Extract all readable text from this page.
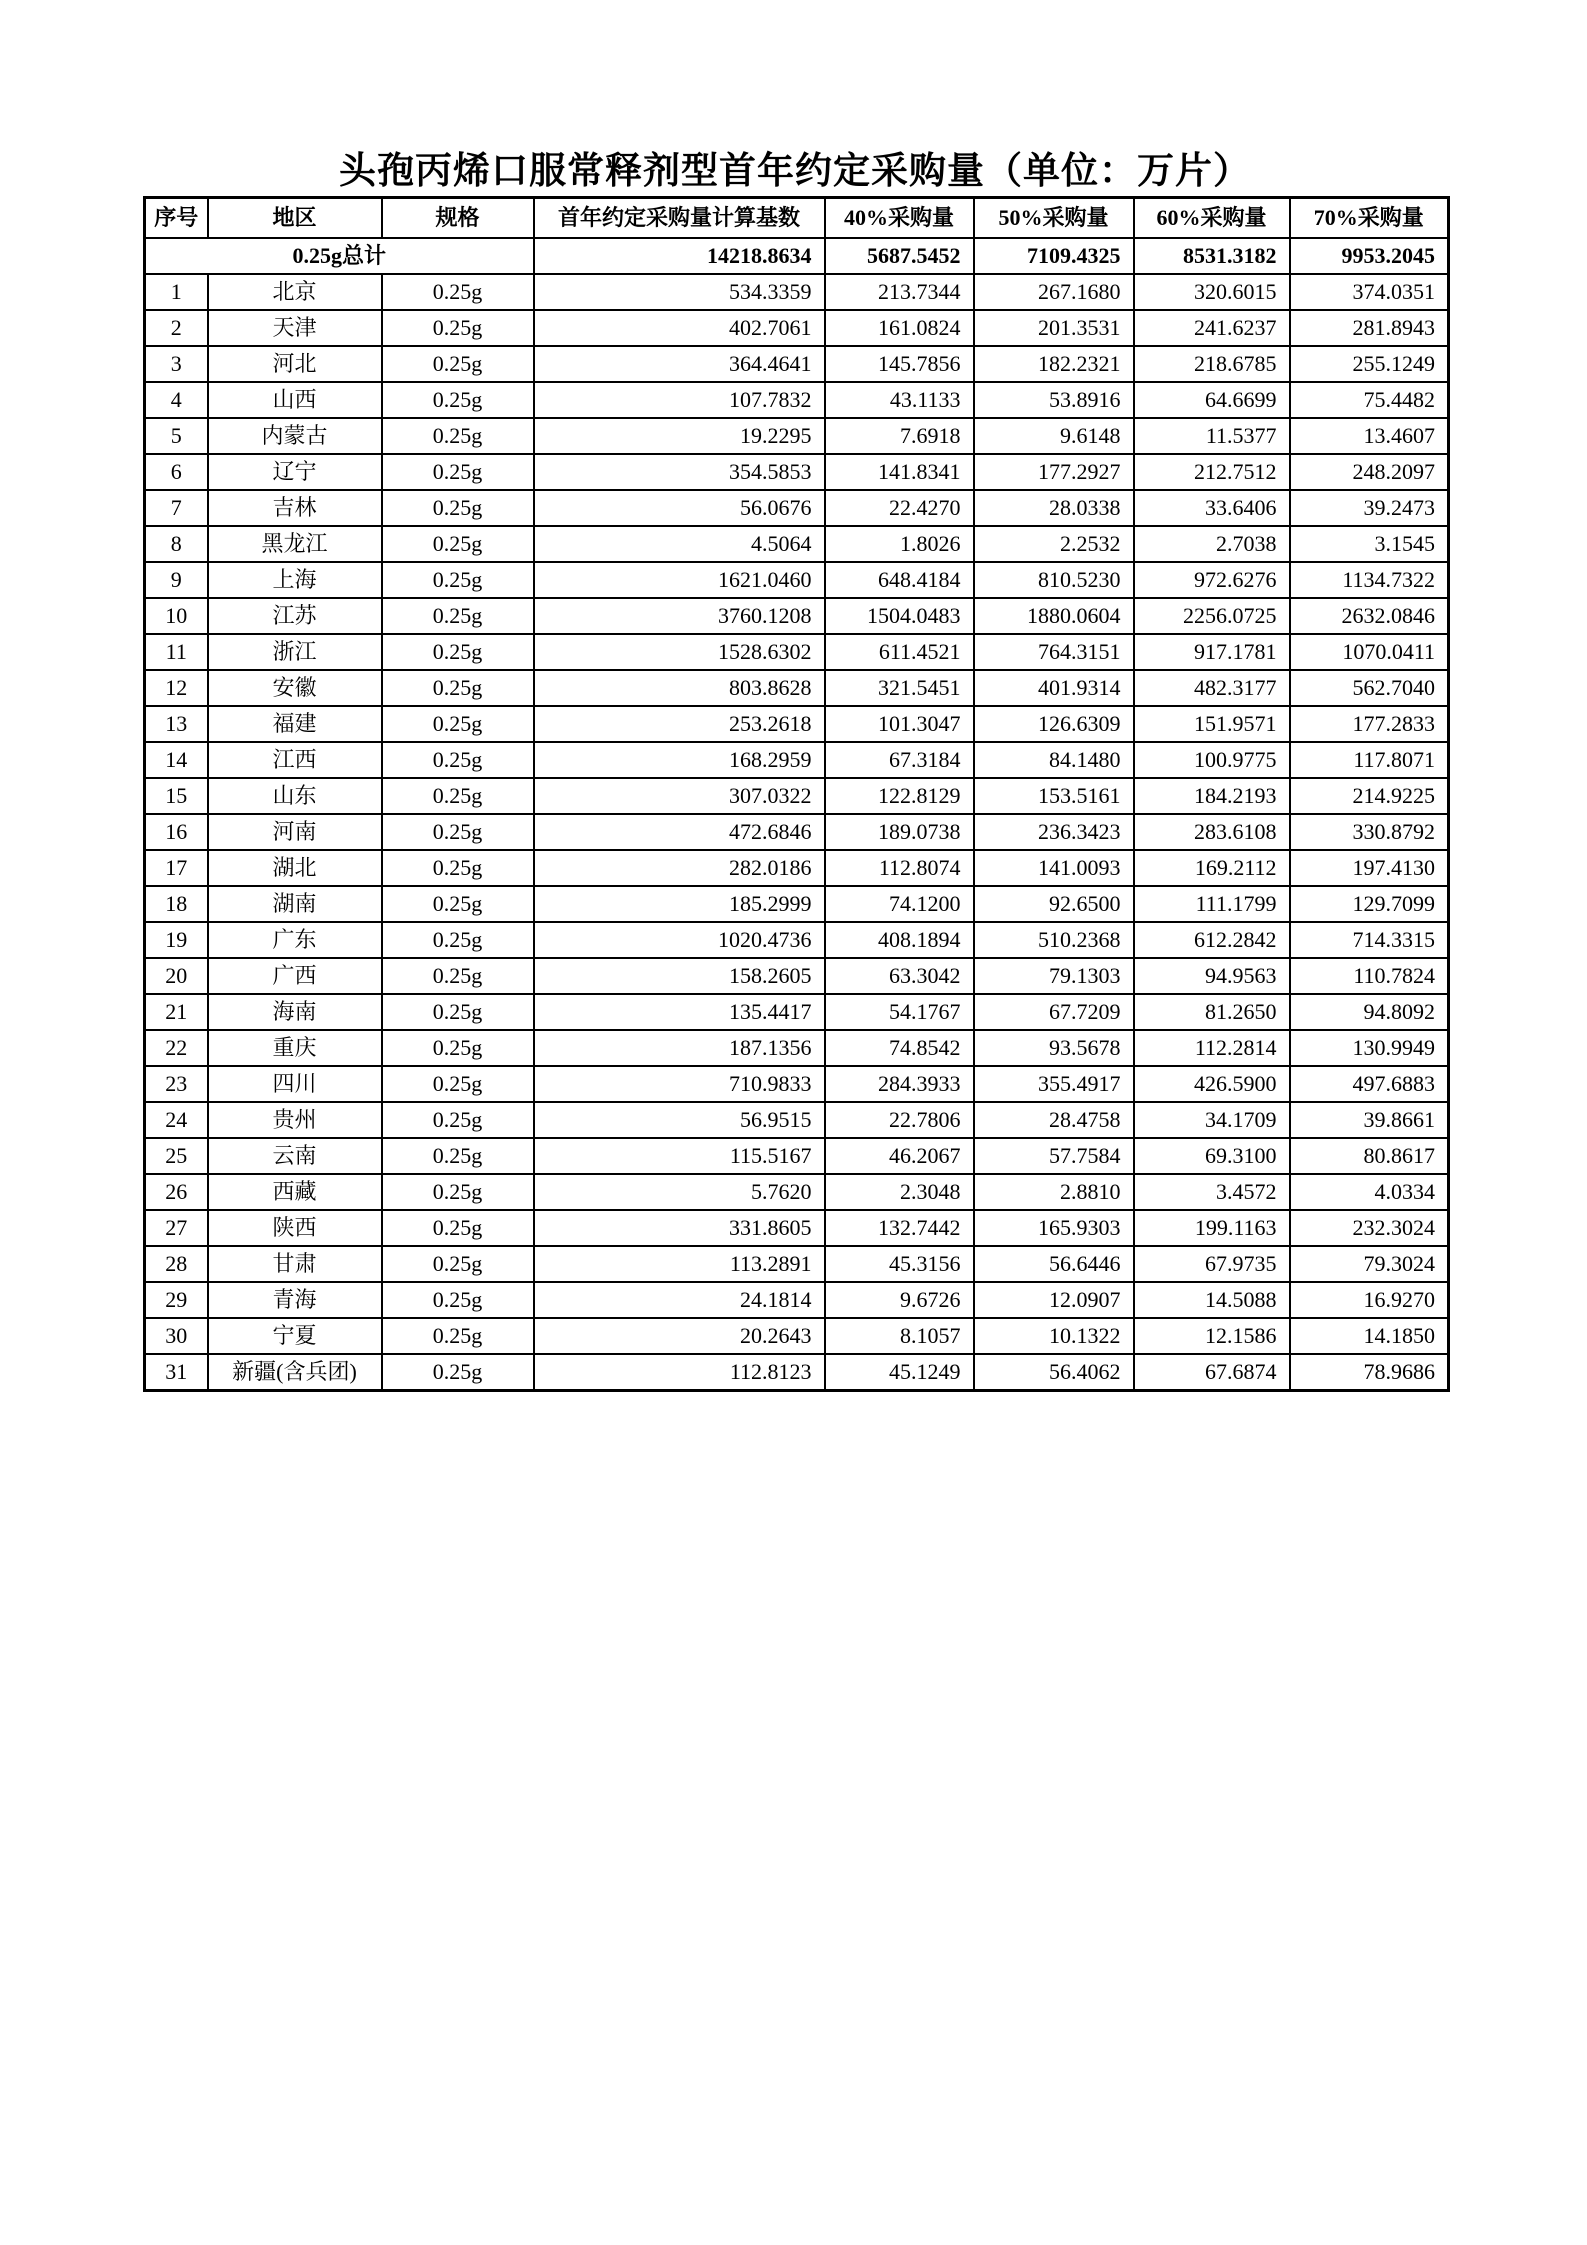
头孢丙烯口服常释剂型首年约定采购量（单位：万片）
序号	地区	规格	首年约定采购量计算基数	40%采购量	50%采购量	60%采购量	70%采购量
0.25g总计			14218.8634	5687.5452	7109.4325	8531.3182	9953.2045
1	北京	0.25g	534.3359	213.7344	267.1680	320.6015	374.0351
2	天津	0.25g	402.7061	161.0824	201.3531	241.6237	281.8943
3	河北	0.25g	364.4641	145.7856	182.2321	218.6785	255.1249
4	山西	0.25g	107.7832	43.1133	53.8916	64.6699	75.4482
5	内蒙古	0.25g	19.2295	7.6918	9.6148	11.5377	13.4607
6	辽宁	0.25g	354.5853	141.8341	177.2927	212.7512	248.2097
7	吉林	0.25g	56.0676	22.4270	28.0338	33.6406	39.2473
8	黑龙江	0.25g	4.5064	1.8026	2.2532	2.7038	3.1545
9	上海	0.25g	1621.0460	648.4184	810.5230	972.6276	1134.7322
10	江苏	0.25g	3760.1208	1504.0483	1880.0604	2256.0725	2632.0846
11	浙江	0.25g	1528.6302	611.4521	764.3151	917.1781	1070.0411
12	安徽	0.25g	803.8628	321.5451	401.9314	482.3177	562.7040
13	福建	0.25g	253.2618	101.3047	126.6309	151.9571	177.2833
14	江西	0.25g	168.2959	67.3184	84.1480	100.9775	117.8071
15	山东	0.25g	307.0322	122.8129	153.5161	184.2193	214.9225
16	河南	0.25g	472.6846	189.0738	236.3423	283.6108	330.8792
17	湖北	0.25g	282.0186	112.8074	141.0093	169.2112	197.4130
18	湖南	0.25g	185.2999	74.1200	92.6500	111.1799	129.7099
19	广东	0.25g	1020.4736	408.1894	510.2368	612.2842	714.3315
20	广西	0.25g	158.2605	63.3042	79.1303	94.9563	110.7824
21	海南	0.25g	135.4417	54.1767	67.7209	81.2650	94.8092
22	重庆	0.25g	187.1356	74.8542	93.5678	112.2814	130.9949
23	四川	0.25g	710.9833	284.3933	355.4917	426.5900	497.6883
24	贵州	0.25g	56.9515	22.7806	28.4758	34.1709	39.8661
25	云南	0.25g	115.5167	46.2067	57.7584	69.3100	80.8617
26	西藏	0.25g	5.7620	2.3048	2.8810	3.4572	4.0334
27	陕西	0.25g	331.8605	132.7442	165.9303	199.1163	232.3024
28	甘肃	0.25g	113.2891	45.3156	56.6446	67.9735	79.3024
29	青海	0.25g	24.1814	9.6726	12.0907	14.5088	16.9270
30	宁夏	0.25g	20.2643	8.1057	10.1322	12.1586	14.1850
31	新疆(含兵团)	0.25g	112.8123	45.1249	56.4062	67.6874	78.9686
